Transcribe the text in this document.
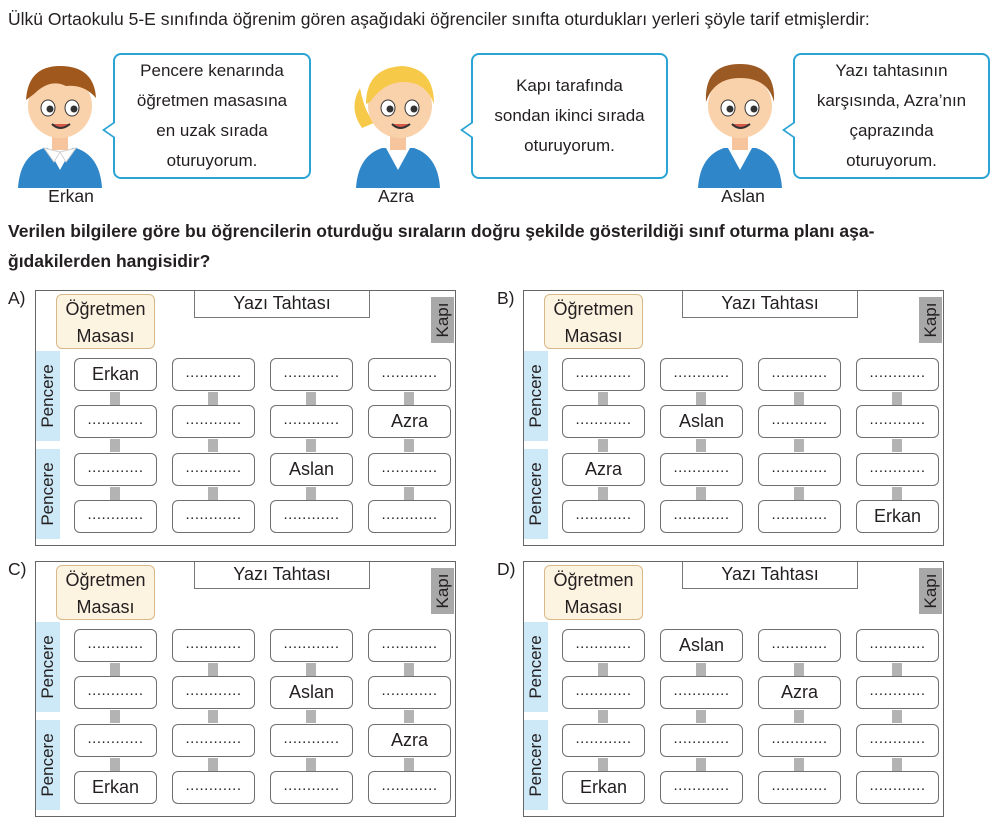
Ülkü Ortaokulu 5-E sınıfında öğrenim gören aşağıdaki öğrenciler sınıfta oturdukları yerleri şöyle tarif etmişlerdir:
Erkan
Pencere kenarında
öğretmen masasına
en uzak sırada
oturuyorum.
Azra
Kapı tarafında
sondan ikinci sırada
oturuyorum.
Aslan
Yazı tahtasının
karşısında, Azra’nın
çaprazında
oturuyorum.
Verilen bilgilere göre bu öğrencilerin oturduğu sıraların doğru şekilde gösterildiği sınıf oturma planı aşa-
ğıdakilerden hangisidir?
A)
Öğretmen
Masası
Yazı Tahtası	Kapı
Pencere
Pencere
Erkan	............	............	............
............	............	............	Azra
............	............	Aslan	............
............	............	............	............
B)
Öğretmen
Masası
Yazı Tahtası	Kapı
Pencere
Pencere
............	............	............	............
............	Aslan	............	............
Azra	............	............	............
............	............	............	Erkan
C)
Öğretmen
Masası
Yazı Tahtası	Kapı
Pencere
Pencere
............	............	............	............
............	............	Aslan	............
............	............	............	Azra
Erkan	............	............	............
D)
Öğretmen
Masası
Yazı Tahtası	Kapı
Pencere
Pencere
............	Aslan	............	............
............	............	Azra	............
............	............	............	............
Erkan	............	............	............
